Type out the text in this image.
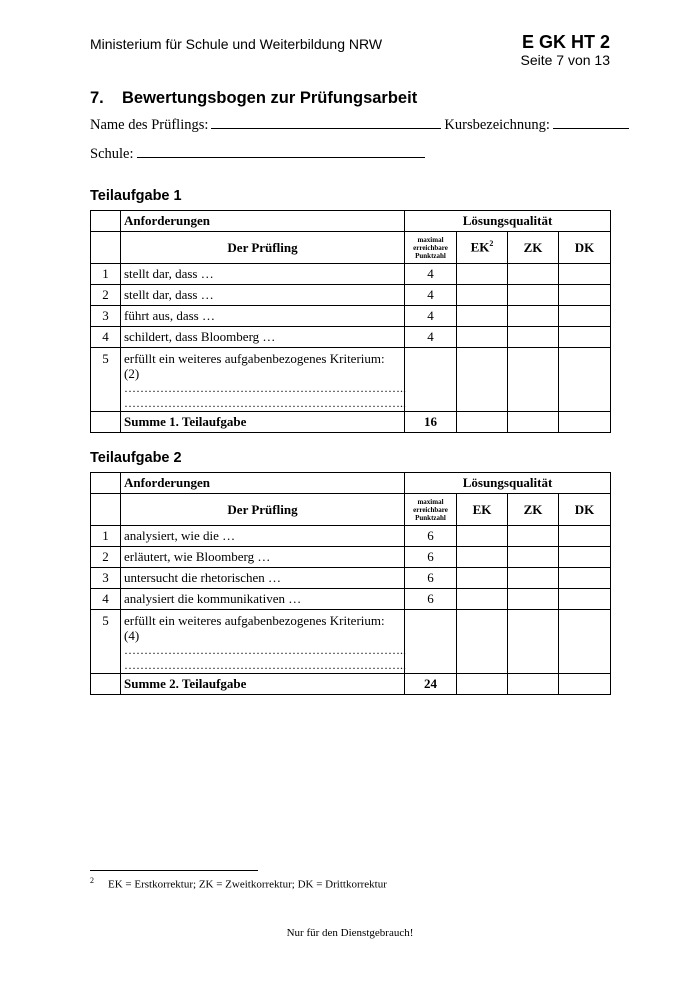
Ministerium für Schule und Weiterbildung NRW	E GK HT 2
Seite 7 von 13
7. Bewertungsbogen zur Prüfungsarbeit
Name des Prüflings:	Kursbezeichnung:
Schule:
Teilaufgabe 1
	Anforderungen	Lösungsqualität			
	Der Prüfling	maximal erreichbare Punktzahl	$EK^2$	ZK	DK
1	stellt dar, dass …	4			
2	stellt dar, dass …	4			
3	führt aus, dass …	4			
4	schildert, dass Bloomberg …	4			
5	erfüllt ein weiteres aufgabenbezogenes Kriterium: (2)
……………………………………………………………..
……………………………………………………………..				

	Summe 1. Teilaufgabe	16			
Teilaufgabe 2
	Anforderungen	Lösungsqualität			
	Der Prüfling	maximal erreichbare Punktzahl	EK	ZK	DK
1	analysiert, wie die …	6			
2	erläutert, wie Bloomberg …	6			
3	untersucht die rhetorischen …	6			
4	analysiert die kommunikativen …	6			
5	erfüllt ein weiteres aufgabenbezogenes Kriterium: (4)
……………………………………………………………..
……………………………………………………………..				

	Summe 2. Teilaufgabe	24			
$^2$ EK = Erstkorrektur; ZK = Zweitkorrektur; DK = Drittkorrektur
Nur für den Dienstgebrauch!
